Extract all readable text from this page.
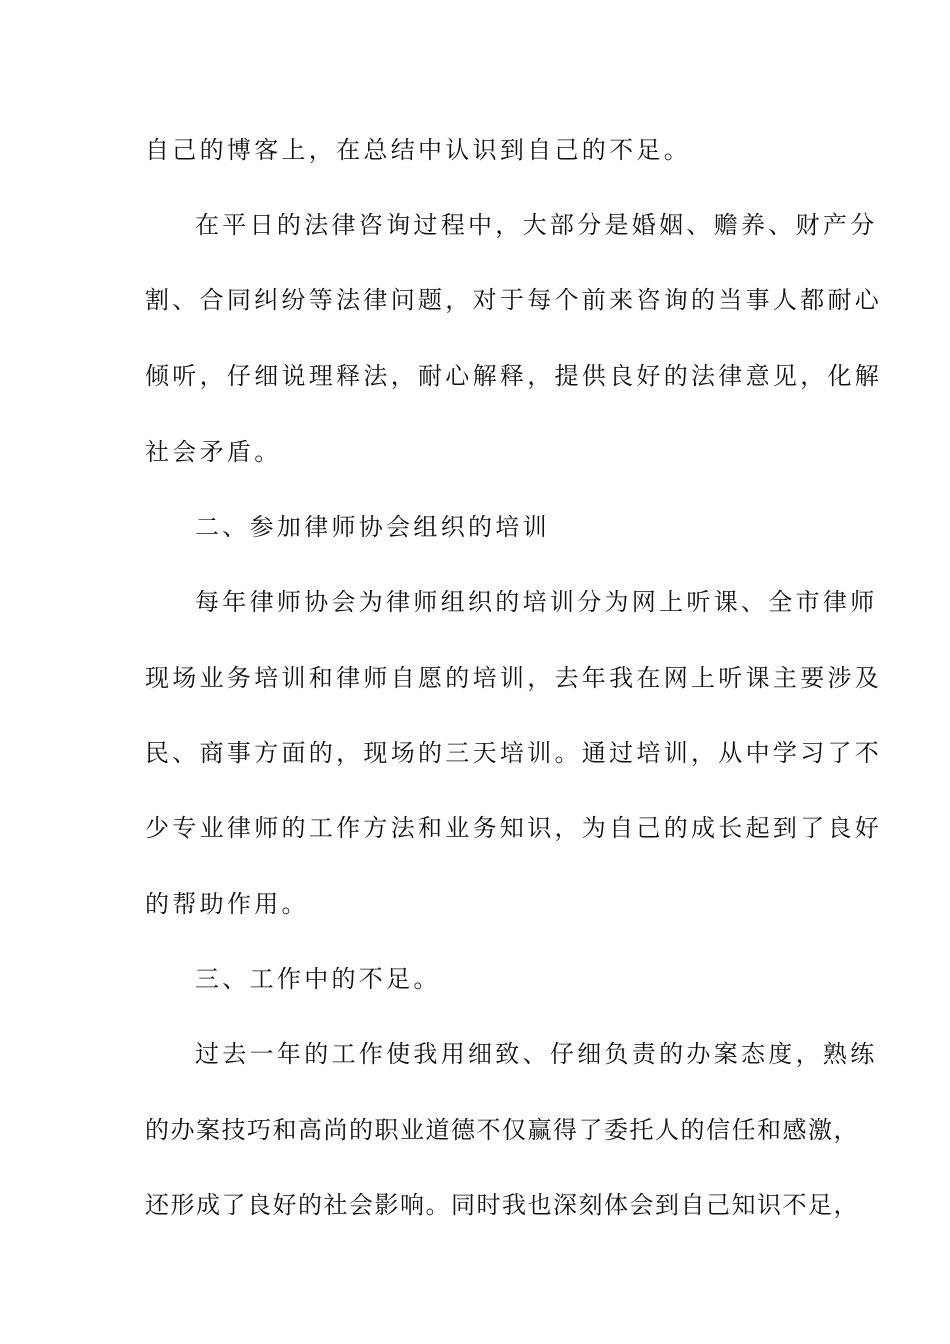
自己的博客上，在总结中认识到自己的不足。
在平日的法律咨询过程中，大部分是婚姻、赡养、财产分
割、合同纠纷等法律问题，对于每个前来咨询的当事人都耐心
倾听，仔细说理释法，耐心解释，提供良好的法律意见，化解
社会矛盾。
二、参加律师协会组织的培训
每年律师协会为律师组织的培训分为网上听课、全市律师
现场业务培训和律师自愿的培训，去年我在网上听课主要涉及
民、商事方面的，现场的三天培训。通过培训，从中学习了不
少专业律师的工作方法和业务知识，为自己的成长起到了良好
的帮助作用。
三、工作中的不足。
过去一年的工作使我用细致、仔细负责的办案态度，熟练
的办案技巧和高尚的职业道德不仅赢得了委托人的信任和感激，
还形成了良好的社会影响。同时我也深刻体会到自己知识不足，
